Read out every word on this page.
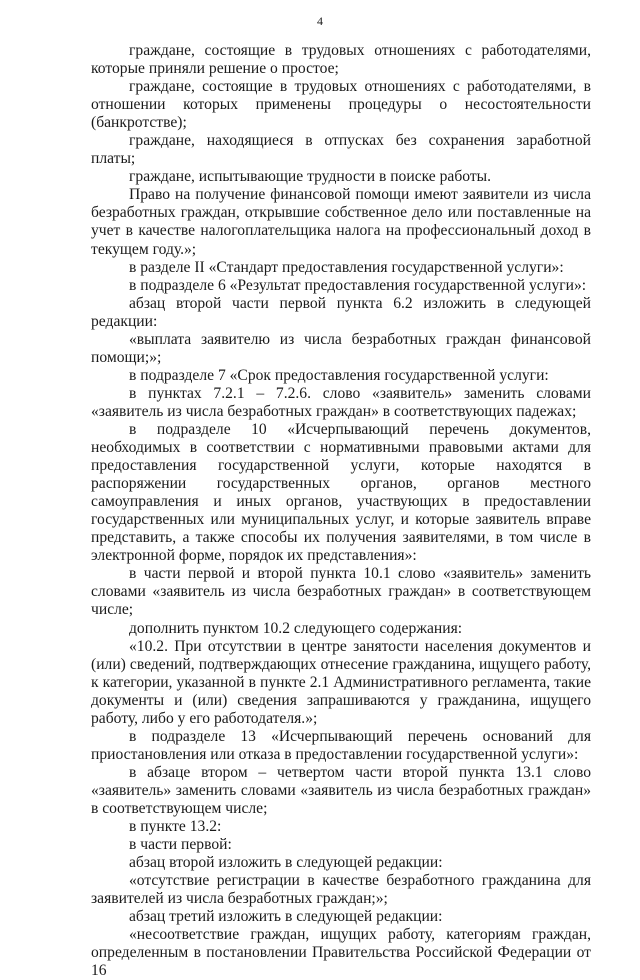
4

граждане, состоящие в трудовых отношениях с работодателями, которые приняли решение о простое;

граждане, состоящие в трудовых отношениях с работодателями, в отношении которых применены процедуры о несостоятельности (банкротстве);

граждане, находящиеся в отпусках без сохранения заработной платы;

граждане, испытывающие трудности в поиске работы.

Право на получение финансовой помощи имеют заявители из числа безработных граждан, открывшие собственное дело или поставленные на учет в качестве налогоплательщика налога на профессиональный доход в текущем году.»;

в разделе II «Стандарт предоставления государственной услуги»:

в подразделе 6 «Результат предоставления государственной услуги»:

абзац второй части первой пункта 6.2 изложить в следующей редакции:

«выплата заявителю из числа безработных граждан финансовой помощи;»;

в подразделе 7 «Срок предоставления государственной услуги:

в пунктах 7.2.1 – 7.2.6. слово «заявитель» заменить словами «заявитель из числа безработных граждан» в соответствующих падежах;

в подразделе 10 «Исчерпывающий перечень документов, необходимых в соответствии с нормативными правовыми актами для предоставления государственной услуги, которые находятся в распоряжении государственных органов, органов местного самоуправления и иных органов, участвующих в предоставлении государственных или муниципальных услуг, и которые заявитель вправе представить, а также способы их получения заявителями, в том числе в электронной форме, порядок их представления»:

в части первой и второй пункта 10.1 слово «заявитель» заменить словами «заявитель из числа безработных граждан» в соответствующем числе;

дополнить пунктом 10.2 следующего содержания:

«10.2. При отсутствии в центре занятости населения документов и (или) сведений, подтверждающих отнесение гражданина, ищущего работу, к категории, указанной в пункте 2.1 Административного регламента, такие документы и (или) сведения запрашиваются у гражданина, ищущего работу, либо у его работодателя.»;

в подразделе 13 «Исчерпывающий перечень оснований для приостановления или отказа в предоставлении государственной услуги»:

в абзаце втором – четвертом части второй пункта 13.1 слово «заявитель» заменить словами «заявитель из числа безработных граждан» в соответствующем числе;

в пункте 13.2:

в части первой:

абзац второй изложить в следующей редакции:

«отсутствие регистрации в качестве безработного гражданина для заявителей из числа безработных граждан;»;

абзац третий изложить в следующей редакции:

«несоответствие граждан, ищущих работу, категориям граждан, определенным в постановлении Правительства Российской Федерации от 16
